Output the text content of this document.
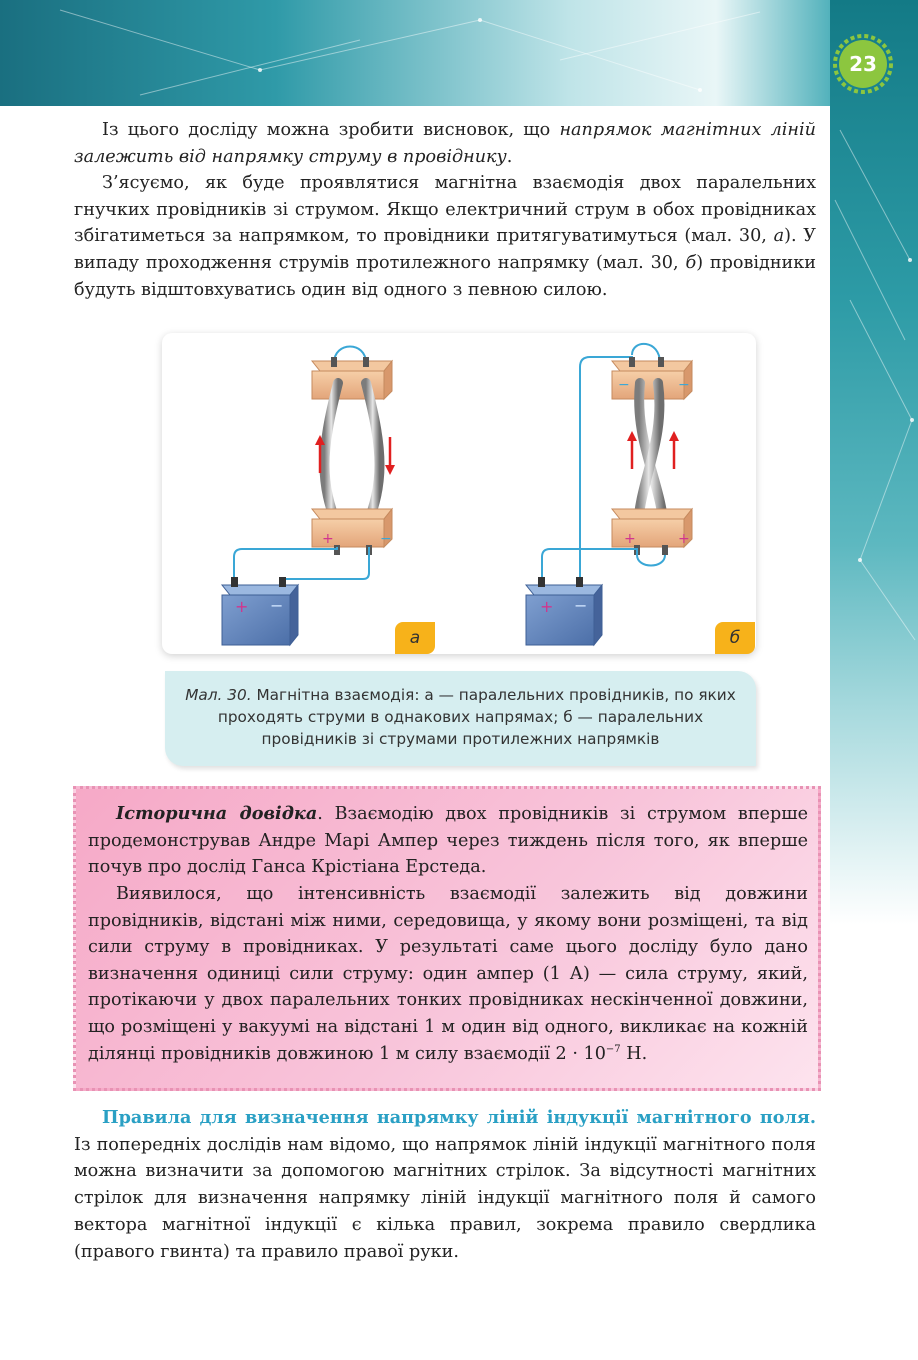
23

Із цього досліду можна зробити висновок, що напрямок магнітних ліній залежить від напрямку струму в провіднику.

З’ясуємо, як буде проявлятися магнітна взаємодія двох паралельних гнучких провідників зі струмом. Якщо електричний струм в обох провідниках збігатиметься за напрямком, то провідники притягуватимуться (мал. 30, а). У випаду проходження струмів протилежного напрямку (мал. 30, б) провідники будуть відштовхуватись один від одного з певною силою.

+	−
+ −
−	−
+	+
+ −
а	б

Мал. 30. Магнітна взаємодія: а — паралельних провідників, по яких проходять струми в однакових напрямах; б — паралельних провідників зі струмами протилежних напрямків

Історична довідка. Взаємодію двох провідників зі струмом вперше продемонстрував Андре Марі Ампер через тиждень після того, як вперше почув про дослід Ганса Крістіана Ерстеда.

Виявилося, що інтенсивність взаємодії залежить від довжини провідників, відстані між ними, середовища, у якому вони розміщені, та від сили струму в провідниках. У результаті саме цього досліду було дано визначення одиниці сили струму: один ампер (1 А) — сила струму, який, протікаючи у двох паралельних тонких провідниках нескінченної довжини, що розміщені у вакуумі на відстані 1 м один від одного, викликає на кожній ділянці провідників довжиною 1 м силу взаємодії $2 \cdot 10^{-7}$ Н.

Правила для визначення напрямку ліній індукції магнітного поля. Із попередніх дослідів нам відомо, що напрямок ліній індукції магнітного поля можна визначити за допомогою магнітних стрілок. За відсутності магнітних стрілок для визначення напрямку ліній індукції магнітного поля й самого вектора магнітної індукції є кілька правил, зокрема правило свердлика (правого гвинта) та правило правої руки.
